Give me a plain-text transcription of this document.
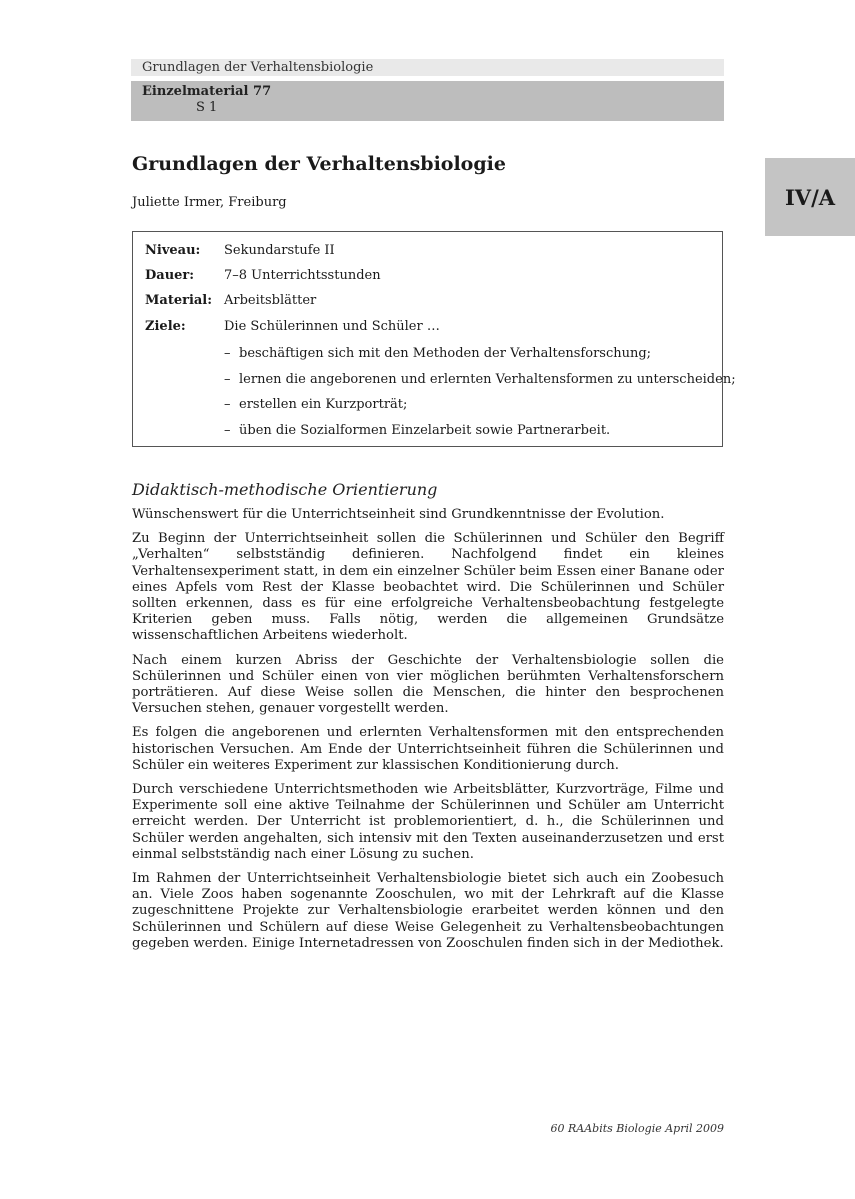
Grundlagen der Verhaltensbiologie
Einzelmaterial 77
S 1
IV/A
Grundlagen der Verhaltensbiologie
Juliette Irmer, Freiburg
Niveau: Sekundarstufe II
Dauer: 7–8 Unterrichtsstunden
Material: Arbeitsblätter
Ziele:	Die Schülerinnen und Schüler …
– beschäftigen sich mit den Methoden der Verhaltensforschung;
– lernen die angeborenen und erlernten Verhaltensformen zu unterscheiden;
– erstellen ein Kurzporträt;
– üben die Sozialformen Einzelarbeit sowie Partnerarbeit.
Didaktisch-methodische Orientierung

Wünschenswert für die Unterrichtseinheit sind Grundkenntnisse der Evolution.

Zu Beginn der Unterrichtseinheit sollen die Schülerinnen und Schüler den Begriff „Verhalten“ selbstständig definieren. Nachfolgend findet ein kleines Verhaltensexperiment statt, in dem ein einzelner Schüler beim Essen einer Banane oder eines Apfels vom Rest der Klasse beobachtet wird. Die Schülerinnen und Schüler sollten erkennen, dass es für eine erfolgreiche Verhaltensbeobachtung festgelegte Kriterien geben muss. Falls nötig, werden die allgemeinen Grundsätze wissenschaftlichen Arbeitens wiederholt.

Nach einem kurzen Abriss der Geschichte der Verhaltensbiologie sollen die Schülerinnen und Schüler einen von vier möglichen berühmten Verhaltensforschern porträtieren. Auf diese Weise sollen die Menschen, die hinter den besprochenen Versuchen stehen, genauer vorgestellt werden.

Es folgen die angeborenen und erlernten Verhaltensformen mit den entsprechenden historischen Versuchen. Am Ende der Unterrichtseinheit führen die Schülerinnen und Schüler ein weiteres Experiment zur klassischen Konditionierung durch.

Durch verschiedene Unterrichtsmethoden wie Arbeitsblätter, Kurzvorträge, Filme und Experimente soll eine aktive Teilnahme der Schülerinnen und Schüler am Unterricht erreicht werden. Der Unterricht ist problemorientiert, d. h., die Schülerinnen und Schüler werden angehalten, sich intensiv mit den Texten auseinanderzusetzen und erst einmal selbstständig nach einer Lösung zu suchen.

Im Rahmen der Unterrichtseinheit Verhaltensbiologie bietet sich auch ein Zoobesuch an. Viele Zoos haben sogenannte Zooschulen, wo mit der Lehrkraft auf die Klasse zugeschnittene Projekte zur Verhaltensbiologie erarbeitet werden können und den Schülerinnen und Schülern auf diese Weise Gelegenheit zu Verhaltensbeobachtungen gegeben werden. Einige Internetadressen von Zooschulen finden sich in der Mediothek.

60 RAAbits Biologie April 2009
